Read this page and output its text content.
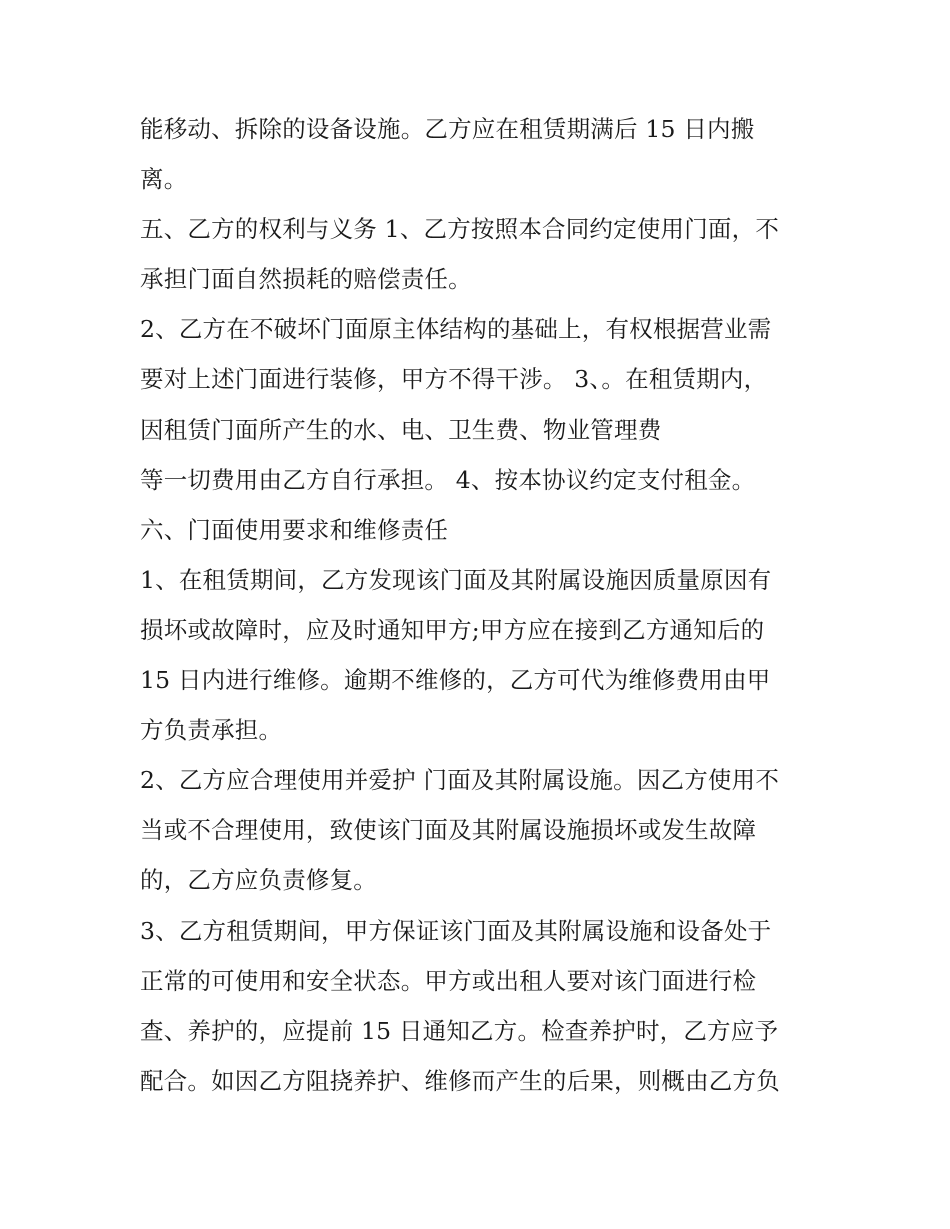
能移动、拆除的设备设施。乙方应在租赁期满后 15 日内搬
离。
五、乙方的权利与义务 1、乙方按照本合同约定使用门面，不
承担门面自然损耗的赔偿责任。
2、乙方在不破坏门面原主体结构的基础上，有权根据营业需
要对上述门面进行装修，甲方不得干涉。 3、。在租赁期内，
因租赁门面所产生的水、电、卫生费、物业管理费
等一切费用由乙方自行承担。 4、按本协议约定支付租金。
六、门面使用要求和维修责任
1、在租赁期间，乙方发现该门面及其附属设施因质量原因有
损坏或故障时，应及时通知甲方;甲方应在接到乙方通知后的
15 日内进行维修。逾期不维修的，乙方可代为维修费用由甲
方负责承担。
2、乙方应合理使用并爱护 门面及其附属设施。因乙方使用不
当或不合理使用，致使该门面及其附属设施损坏或发生故障
的，乙方应负责修复。
3、乙方租赁期间，甲方保证该门面及其附属设施和设备处于
正常的可使用和安全状态。甲方或出租人要对该门面进行检
查、养护的，应提前 15 日通知乙方。检查养护时，乙方应予
配合。如因乙方阻挠养护、维修而产生的后果，则概由乙方负
